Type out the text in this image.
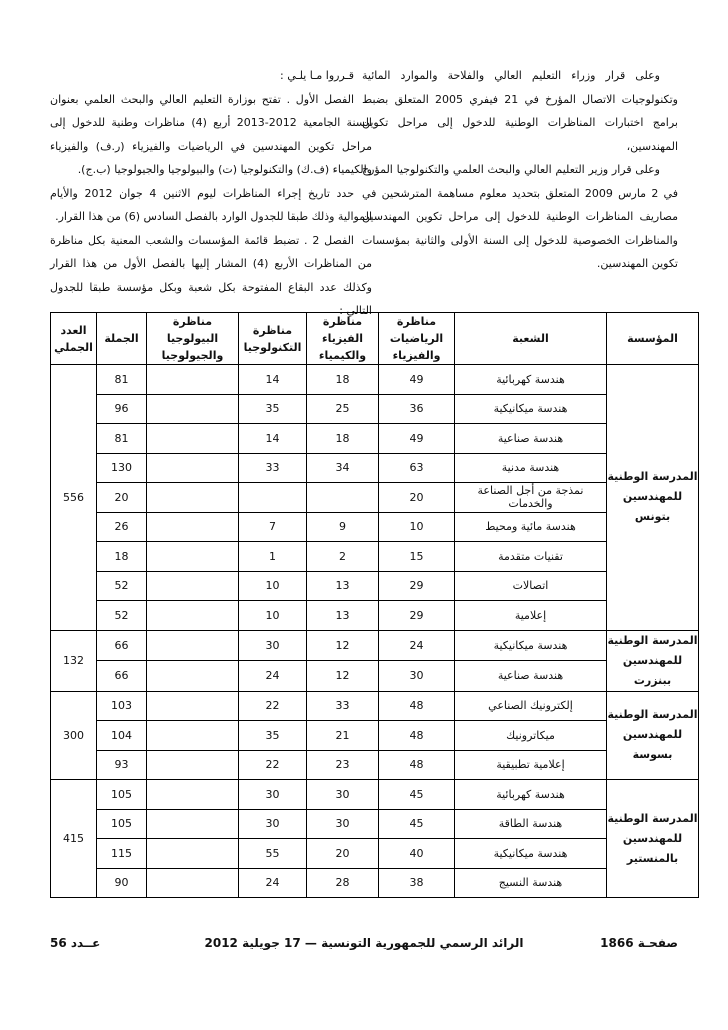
وعلى قرار وزراء التعليم العالي والفلاحة والموارد المائية وتكنولوجيات الاتصال المؤرخ في 21 فيفري 2005 المتعلق بضبط برامج اختبارات المناظرات الوطنية للدخول إلى مراحل تكوين المهندسين،

وعلى قرار وزير التعليم العالي والبحث العلمي والتكنولوجيا المؤرخ في 2 مارس 2009 المتعلق بتحديد معلوم مساهمة المترشحين في مصاريف المناظرات الوطنية للدخول إلى مراحل تكوين المهندسين والمناظرات الخصوصية للدخول إلى السنة الأولى والثانية بمؤسسات تكوين المهندسين.

قـرروا مـا يلـي :

الفصل الأول . تفتح بوزارة التعليم العالي والبحث العلمي بعنوان السنة الجامعية 2012-2013 أربع (4) مناظرات وطنية للدخول إلى مراحل تكوين المهندسين في الرياضيات والفيزياء (ر.ف) والفيزياء والكيمياء (ف.ك) والتكنولوجيا (ت) والبيولوجيا والجيولوجيا (ب.ج).

حدد تاريخ إجراء المناظرات ليوم الاثنين 4 جوان 2012 والأيام الموالية وذلك طبقا للجدول الوارد بالفصل السادس (6) من هذا القرار.

الفصل 2 . تضبط قائمة المؤسسات والشعب المعنية بكل مناظرة من المناظرات الأربع (4) المشار إليها بالفصل الأول من هذا القرار وكذلك عدد البقاع المفتوحة بكل شعبة وبكل مؤسسة طبقا للجدول التالي :

المؤسسة	الشعبة	مناظرة الرياضيات والفيزياء	مناظرة الفيزياء والكيمياء	مناظرة التكنولوجيا	مناظرة البيولوجيا والجيولوجيا	الجملة	العدد الجملي
المدرسة الوطنية للمهندسين بتونس	هندسة كهربائية	49	18	14		81	556
	هندسة ميكانيكية	36	25	35		96	
	هندسة صناعية	49	18	14		81	
	هندسة مدنية	63	34	33		130	
	نمذجة من أجل الصناعة والخدمات	20				20	
	هندسة مائية ومحيط	10	9	7		26	
	تقنيات متقدمة	15	2	1		18	
	اتصالات	29	13	10		52	
	إعلامية	29	13	10		52	
المدرسة الوطنية للمهندسين ببنزرت	هندسة ميكانيكية	24	12	30		66	132
	هندسة صناعية	30	12	24		66	
المدرسة الوطنية للمهندسين بسوسة	إلكترونيك الصناعي	48	33	22		103	300
	ميكاترونيك	48	21	35		104	
	إعلامية تطبيقية	48	23	22		93	
المدرسة الوطنية للمهندسين بالمنستير	هندسة كهربائية	45	30	30		105	415
	هندسة الطاقة	45	30	30		105	
	هندسة ميكانيكية	40	20	55		115	
	هندسة النسيج	38	28	24		90	
صفحـة 1866
الرائد الرسمي للجمهورية التونسية — 17 جويلية 2012
عــدد 56
